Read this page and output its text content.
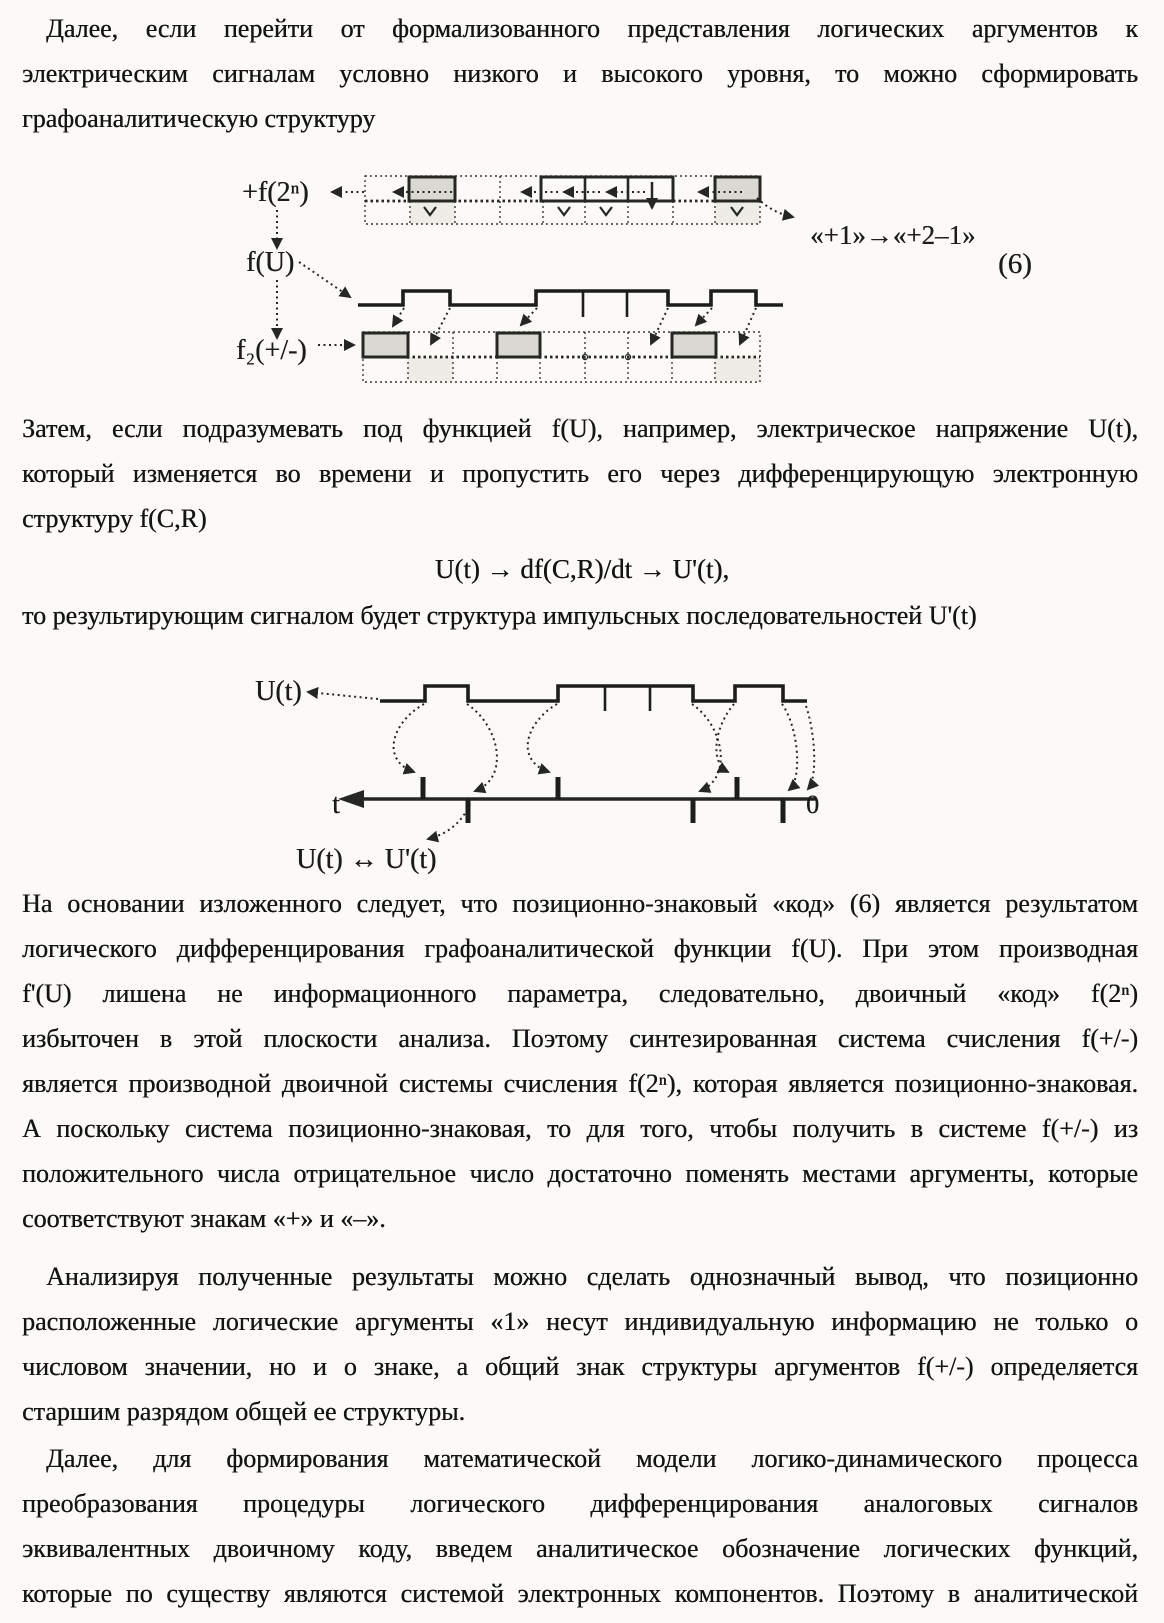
Далее, если перейти от формализованного представления логических аргументов к
электрическим сигналам условно низкого и высокого уровня, то можно сформировать
графоаналитическую структуру
+f(2ⁿ)
f(U)
f₂(+/-)
«+1»→«+2–1»
(6)
Затем, если подразумевать под функцией f(U), например, электрическое напряжение U(t),
который изменяется во времени и пропустить его через дифференцирующую электронную
структуру f(C,R)
U(t) → df(C,R)/dt → U'(t),
то результирующим сигналом будет структура импульсных последовательностей U'(t)
U(t)
t	0
U(t) ↔ U'(t)
На основании изложенного следует, что позиционно-знаковый «код» (6) является результатом
логического дифференцирования графоаналитической функции f(U). При этом производная
f'(U) лишена не информационного параметра, следовательно, двоичный «код» f(2ⁿ)
избыточен в этой плоскости анализа. Поэтому синтезированная система счисления f(+/-)
является производной двоичной системы счисления f(2ⁿ), которая является позиционно-знаковая.
А поскольку система позиционно-знаковая, то для того, чтобы получить в системе f(+/-) из
положительного числа отрицательное число достаточно поменять местами аргументы, которые
соответствуют знакам «+» и «–».
Анализируя полученные результаты можно сделать однозначный вывод, что позиционно
расположенные логические аргументы «1» несут индивидуальную информацию не только о
числовом значении, но и о знаке, а общий знак структуры аргументов f(+/-) определяется
старшим разрядом общей ее структуры.
Далее, для формирования математической модели логико-динамического процесса
преобразования процедуры логического дифференцирования аналоговых сигналов
эквивалентных двоичному коду, введем аналитическое обозначение логических функций,
которые по существу являются системой электронных компонентов. Поэтому в аналитической
